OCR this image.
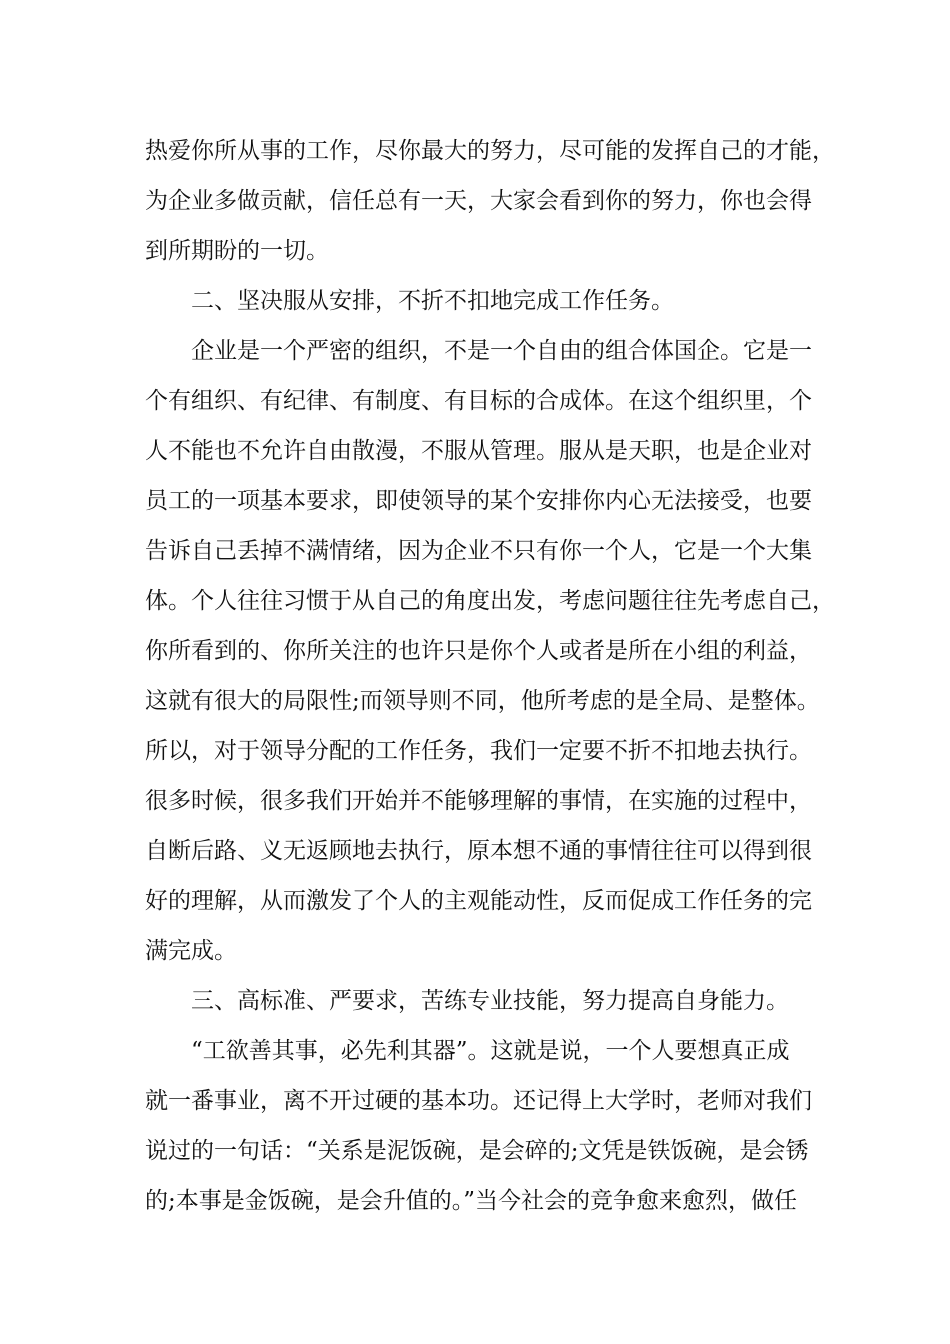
热爱你所从事的工作，尽你最大的努力，尽可能的发挥自己的才能，
为企业多做贡献，信任总有一天，大家会看到你的努力，你也会得
到所期盼的一切。
二、坚决服从安排，不折不扣地完成工作任务。
企业是一个严密的组织，不是一个自由的组合体国企。它是一
个有组织、有纪律、有制度、有目标的合成体。在这个组织里，个
人不能也不允许自由散漫，不服从管理。服从是天职，也是企业对
员工的一项基本要求，即使领导的某个安排你内心无法接受，也要
告诉自己丢掉不满情绪，因为企业不只有你一个人，它是一个大集
体。个人往往习惯于从自己的角度出发，考虑问题往往先考虑自己，
你所看到的、你所关注的也许只是你个人或者是所在小组的利益，
这就有很大的局限性;而领导则不同，他所考虑的是全局、是整体。
所以，对于领导分配的工作任务，我们一定要不折不扣地去执行。
很多时候，很多我们开始并不能够理解的事情，在实施的过程中，
自断后路、义无返顾地去执行，原本想不通的事情往往可以得到很
好的理解，从而激发了个人的主观能动性，反而促成工作任务的完
满完成。
三、高标准、严要求，苦练专业技能，努力提高自身能力。
“工欲善其事，必先利其器”。这就是说，一个人要想真正成
就一番事业，离不开过硬的基本功。还记得上大学时，老师对我们
说过的一句话：“关系是泥饭碗，是会碎的;文凭是铁饭碗，是会锈
的;本事是金饭碗，是会升值的。”当今社会的竞争愈来愈烈，做任
